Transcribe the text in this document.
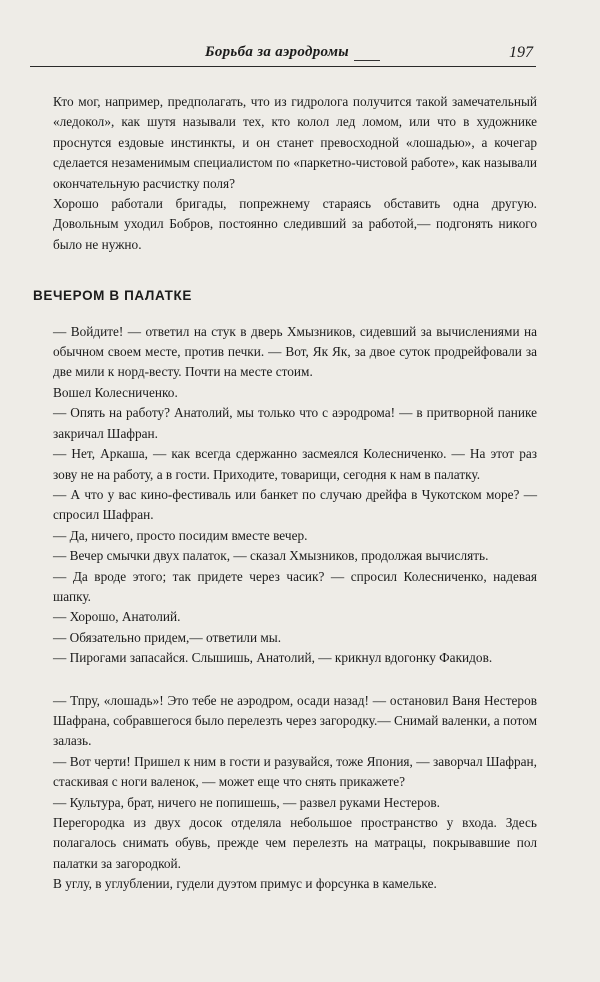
Борьба за аэродромы	197

Кто мог, например, предполагать, что из гидролога получится такой замечательный «ледокол», как шутя называли тех, кто колол лед ломом, или что в художнике проснутся ездовые инстинкты, и он станет превосходной «лошадью», а кочегар сделается незаменимым специалистом по «паркетно-чистовой работе», как называли окончательную расчистку поля?

Хорошо работали бригады, попрежнему стараясь обставить одна другую. Довольным уходил Бобров, постоянно следивший за работой,— подгонять никого было не нужно.

ВЕЧЕРОМ В ПАЛАТКЕ

— Войдите! — ответил на стук в дверь Хмызников, сидевший за вычислениями на обычном своем месте, против печки. — Вот, Як Як, за двое суток продрейфовали за две мили к норд-весту. Почти на месте стоим.

Вошел Колесниченко.

— Опять на работу? Анатолий, мы только что с аэродрома! — в притворной панике закричал Шафран.

— Нет, Аркаша, — как всегда сдержанно засмеялся Колесниченко. — На этот раз зову не на работу, а в гости. Приходите, товарищи, сегодня к нам в палатку.

— А что у вас кино-фестиваль или банкет по случаю дрейфа в Чукотском море? — спросил Шафран.

— Да, ничего, просто посидим вместе вечер.

— Вечер смычки двух палаток, — сказал Хмызников, продолжая вычислять.

— Да вроде этого; так придете через часик? — спросил Колесниченко, надевая шапку.

— Хорошо, Анатолий.

— Обязательно придем,— ответили мы.

— Пирогами запасайся. Слышишь, Анатолий, — крикнул вдогонку Факидов.

— Тпру, «лошадь»! Это тебе не аэродром, осади назад! — остановил Ваня Нестеров Шафрана, собравшегося было перелезть через загородку.— Снимай валенки, а потом залазь.

— Вот черти! Пришел к ним в гости и разувайся, тоже Япония, — заворчал Шафран, стаскивая с ноги валенок, — может еще что снять прикажете?

— Культура, брат, ничего не попишешь, — развел руками Нестеров.

Перегородка из двух досок отделяла небольшое пространство у входа. Здесь полагалось снимать обувь, прежде чем перелезть на матрацы, покрывавшие пол палатки за загородкой.

В углу, в углублении, гудели дуэтом примус и форсунка в камельке.
